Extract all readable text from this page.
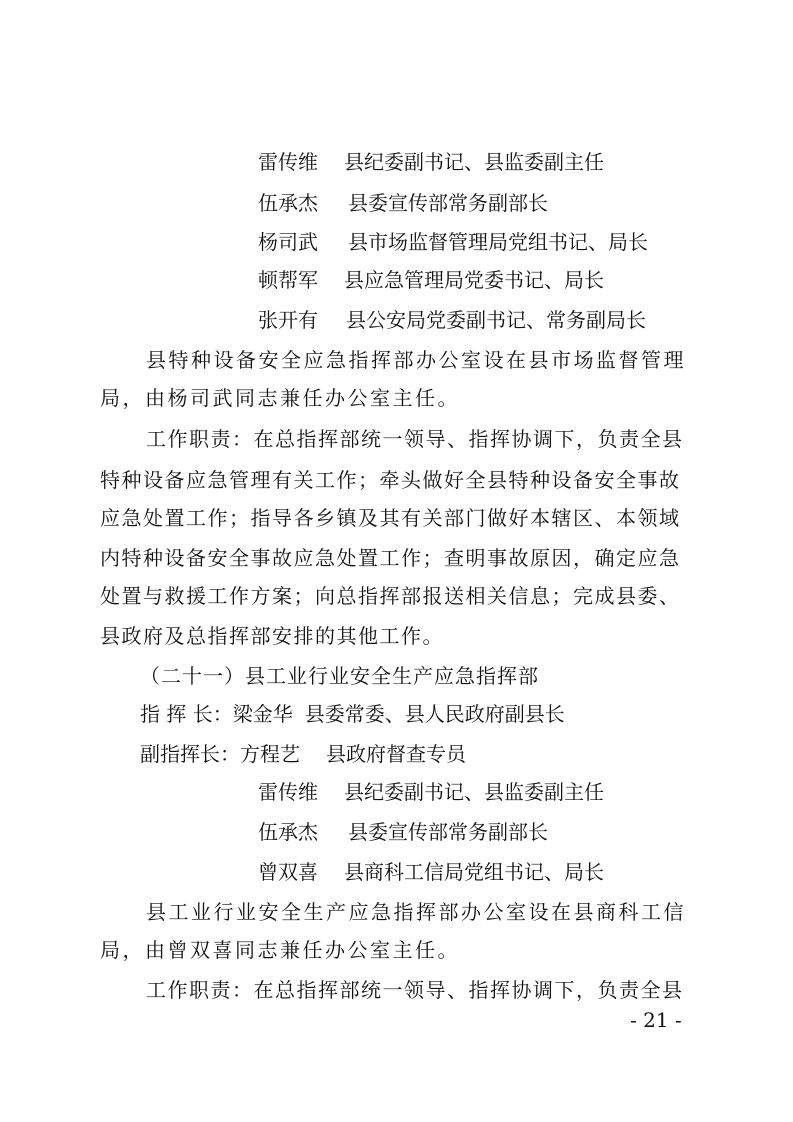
雷传维 县纪委副书记、县监委副主任
伍承杰 县委宣传部常务副部长
杨司武 县市场监督管理局党组书记、局长
顿帮军 县应急管理局党委书记、局长
张开有 县公安局党委副书记、常务副局长
县特种设备安全应急指挥部办公室设在县市场监督管理
局，由杨司武同志兼任办公室主任。
工作职责：在总指挥部统一领导、指挥协调下，负责全县
特种设备应急管理有关工作；牵头做好全县特种设备安全事故
应急处置工作；指导各乡镇及其有关部门做好本辖区、本领域
内特种设备安全事故应急处置工作；查明事故原因，确定应急
处置与救援工作方案；向总指挥部报送相关信息；完成县委、
县政府及总指挥部安排的其他工作。
（二十一）县工业行业安全生产应急指挥部
指 挥 长：梁金华 县委常委、县人民政府副县长
副指挥长：方程艺 县政府督查专员
雷传维 县纪委副书记、县监委副主任
伍承杰 县委宣传部常务副部长
曾双喜 县商科工信局党组书记、局长
县工业行业安全生产应急指挥部办公室设在县商科工信
局，由曾双喜同志兼任办公室主任。
工作职责：在总指挥部统一领导、指挥协调下，负责全县
- 21 -
